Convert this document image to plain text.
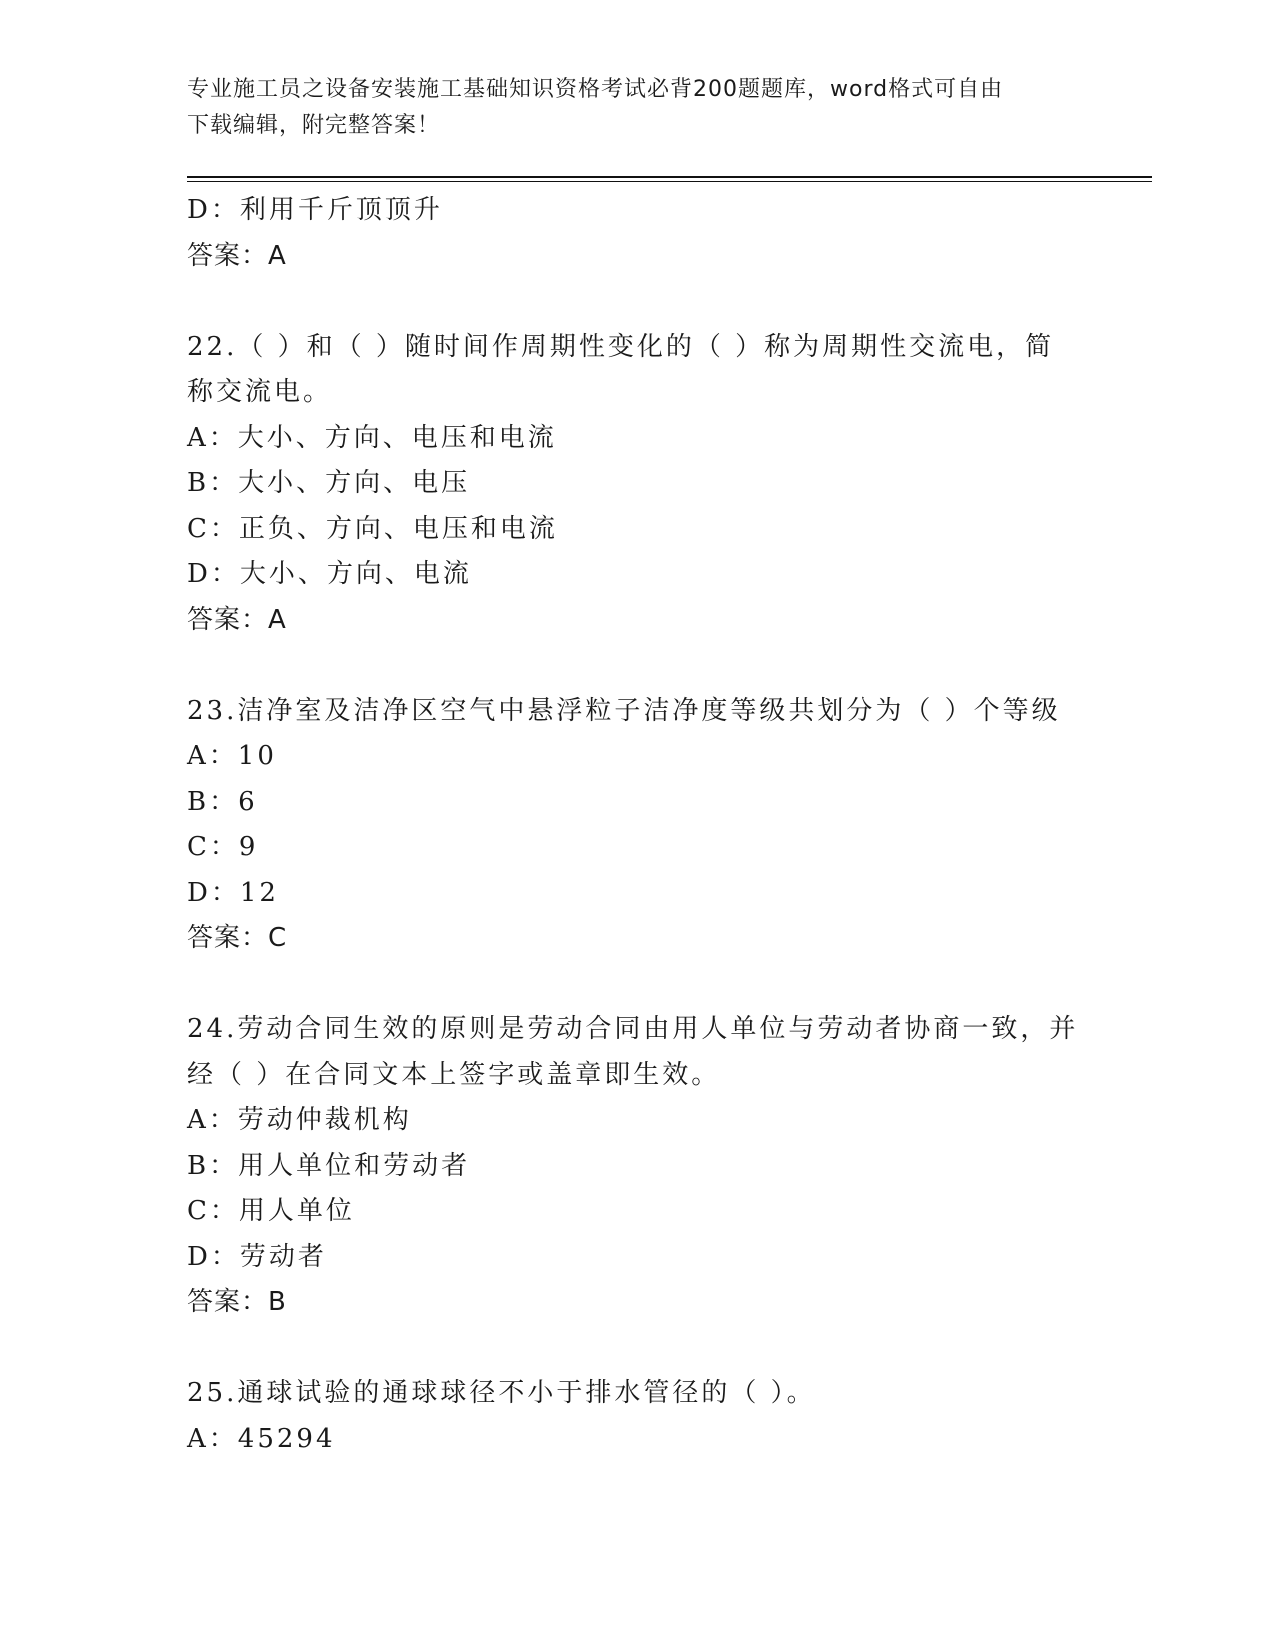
专业施工员之设备安装施工基础知识资格考试必背200题题库，word格式可自由
下载编辑，附完整答案！
D：利用千斤顶顶升
答案：A
22.（ ）和（ ）随时间作周期性变化的（ ）称为周期性交流电，简
称交流电。
A：大小、方向、电压和电流
B：大小、方向、电压
C：正负、方向、电压和电流
D：大小、方向、电流
答案：A
23.洁净室及洁净区空气中悬浮粒子洁净度等级共划分为（ ）个等级
A：10
B：6
C：9
D：12
答案：C
24.劳动合同生效的原则是劳动合同由用人单位与劳动者协商一致，并
经（ ）在合同文本上签字或盖章即生效。
A：劳动仲裁机构
B：用人单位和劳动者
C：用人单位
D：劳动者
答案：B
25.通球试验的通球球径不小于排水管径的（ ）。
A：45294
